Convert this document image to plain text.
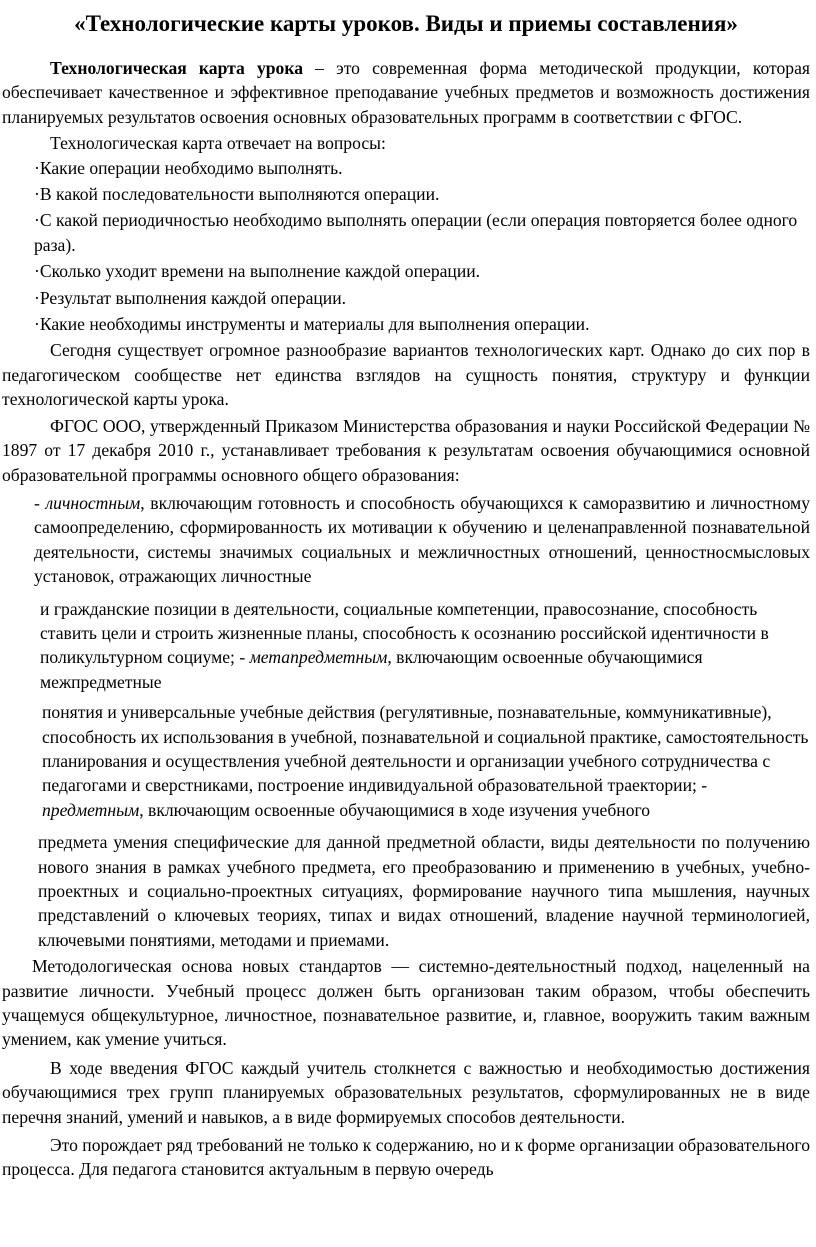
«Технологические карты уроков. Виды и приемы составления»

Технологическая карта урока – это современная форма методической продукции, которая обеспечивает качественное и эффективное преподавание учебных предметов и возможность достижения планируемых результатов освоения основных образовательных программ в соответствии с ФГОС.

Технологическая карта отвечает на вопросы:

·Какие операции необходимо выполнять.
·В какой последовательности выполняются операции.
·С какой периодичностью необходимо выполнять операции (если операция повторяется более одного раза).
·Сколько уходит времени на выполнение каждой операции.
·Результат выполнения каждой операции.
·Какие необходимы инструменты и материалы для выполнения операции.

Сегодня существует огромное разнообразие вариантов технологических карт. Однако до сих пор в педагогическом сообществе нет единства взглядов на сущность понятия, структуру и функции технологической карты урока.

ФГОС ООО, утвержденный Приказом Министерства образования и науки Российской Федерации № 1897 от 17 декабря 2010 г., устанавливает требования к результатам освоения обучающимися основной образовательной программы основного общего образования:

- личностным, включающим готовность и способность обучающихся к саморазвитию и личностному самоопределению, сформированность их мотивации к обучению и целенаправленной познавательной деятельности, системы значимых социальных и межличностных отношений, ценностносмысловых установок, отражающих личностные

и гражданские позиции в деятельности, социальные компетенции, правосознание, способность ставить цели и строить жизненные планы, способность к осознанию российской идентичности в поликультурном социуме; - метапредметным, включающим освоенные обучающимися межпредметные

понятия и универсальные учебные действия (регулятивные, познавательные, коммуникативные), способность их использования в учебной, познавательной и социальной практике, самостоятельность планирования и осуществления учебной деятельности и организации учебного сотрудничества с педагогами и сверстниками, построение индивидуальной образовательной траектории; - предметным, включающим освоенные обучающимися в ходе изучения учебного

предмета умения специфические для данной предметной области, виды деятельности по получению нового знания в рамках учебного предмета, его преобразованию и применению в учебных, учебно-проектных и социально-проектных ситуациях, формирование научного типа мышления, научных представлений о ключевых теориях, типах и видах отношений, владение научной терминологией, ключевыми понятиями, методами и приемами.

Методологическая основа новых стандартов — системно-деятельностный подход, нацеленный на развитие личности. Учебный процесс должен быть организован таким образом, чтобы обеспечить учащемуся общекультурное, личностное, познавательное развитие, и, главное, вооружить таким важным умением, как умение учиться.

В ходе введения ФГОС каждый учитель столкнется с важностью и необходимостью достижения обучающимися трех групп планируемых образовательных результатов, сформулированных не в виде перечня знаний, умений и навыков, а в виде формируемых способов деятельности.

Это порождает ряд требований не только к содержанию, но и к форме организации образовательного процесса. Для педагога становится актуальным в первую очередь
